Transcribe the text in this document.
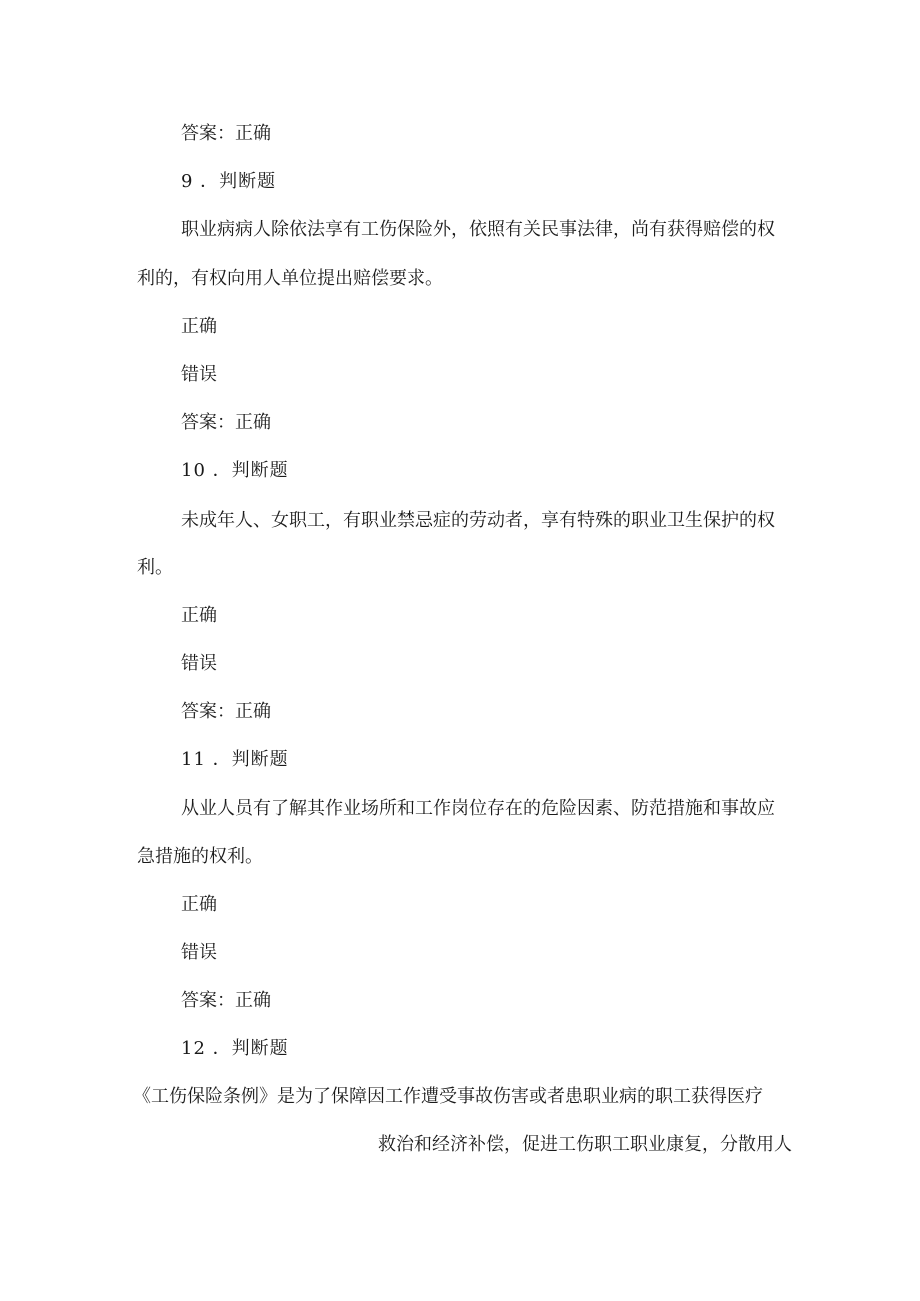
答案：正确
9 ．判断题
职业病病人除依法享有工伤保险外，依照有关民事法律，尚有获得赔偿的权
利的，有权向用人单位提出赔偿要求。
正确
错误
答案：正确
10 ．判断题
未成年人、女职工，有职业禁忌症的劳动者，享有特殊的职业卫生保护的权
利。
正确
错误
答案：正确
11 ．判断题
从业人员有了解其作业场所和工作岗位存在的危险因素、防范措施和事故应
急措施的权利。
正确
错误
答案：正确
12 ．判断题
《工伤保险条例》是为了保障因工作遭受事故伤害或者患职业病的职工获得医疗
救治和经济补偿，促进工伤职工职业康复，分散用人
